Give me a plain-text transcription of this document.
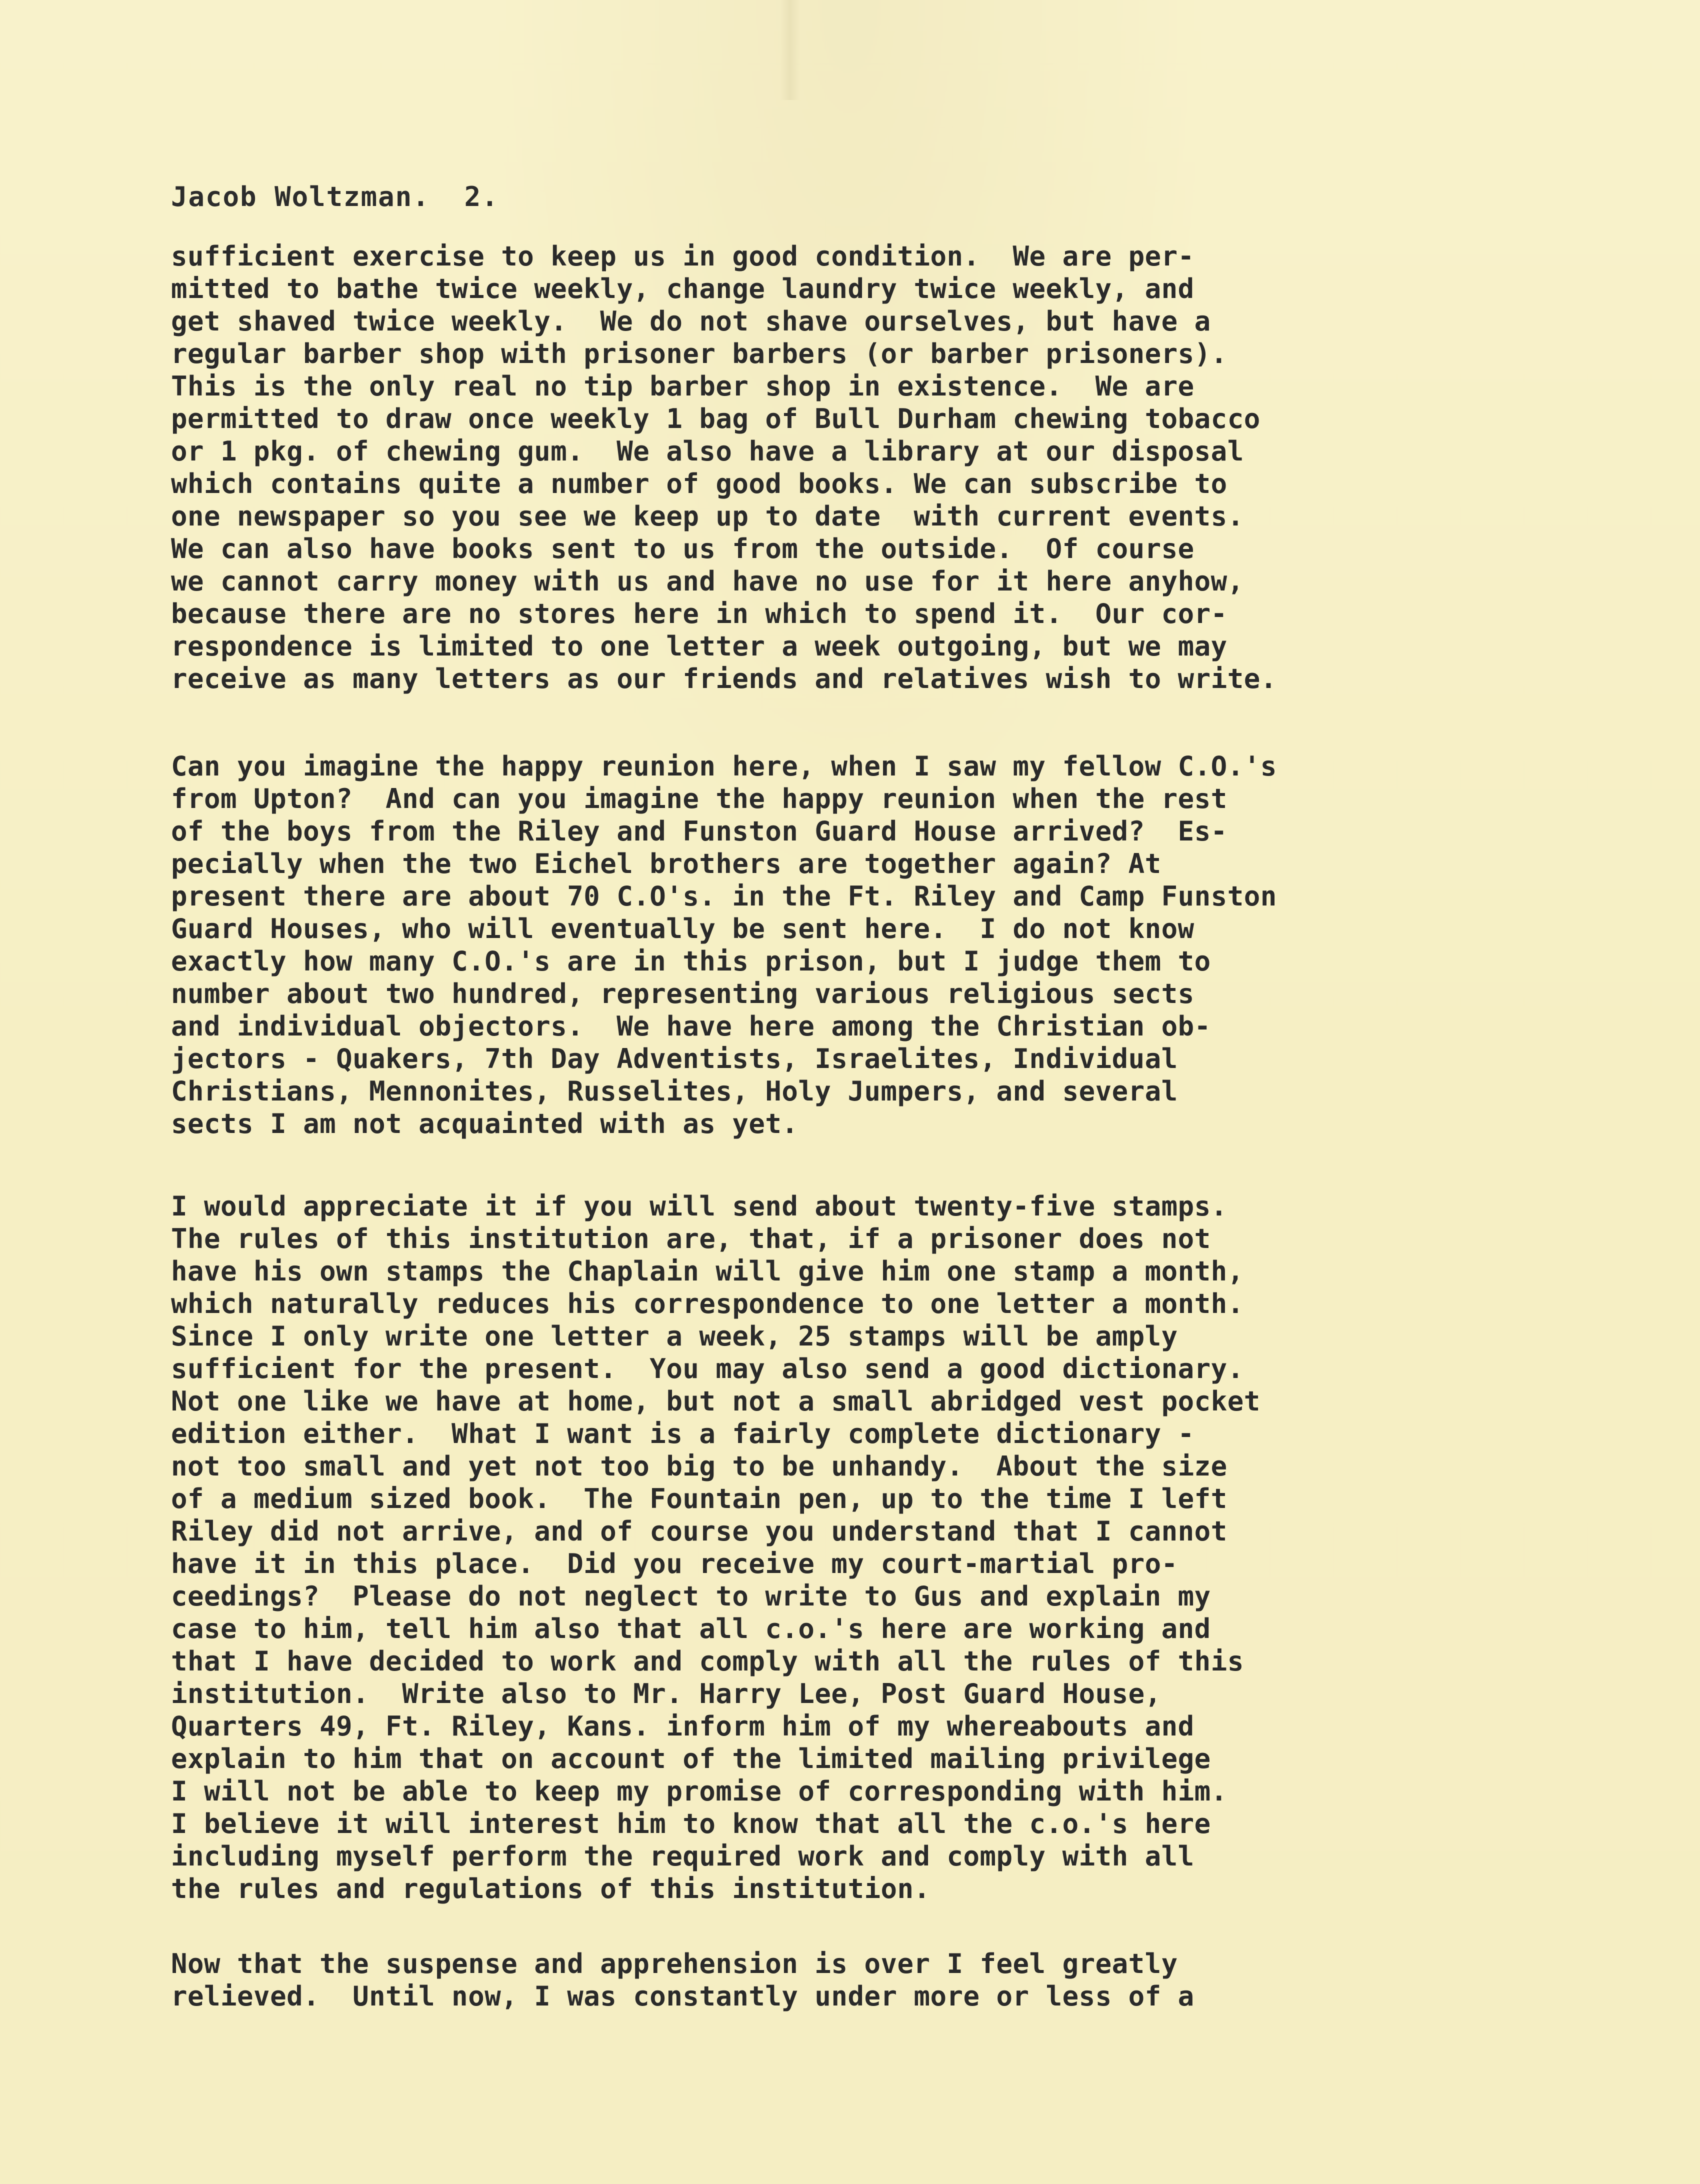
Jacob Woltzman.  2.

sufficient exercise to keep us in good condition.  We are per-
mitted to bathe twice weekly, change laundry twice weekly, and
get shaved twice weekly.  We do not shave ourselves, but have a
regular barber shop with prisoner barbers (or barber prisoners).
This is the only real no tip barber shop in existence.  We are
permitted to draw once weekly 1 bag of Bull Durham chewing tobacco
or 1 pkg. of chewing gum.  We also have a library at our disposal
which contains quite a number of good books. We can subscribe to
one newspaper so you see we keep up to date  with current events.
We can also have books sent to us from the outside.  Of course
we cannot carry money with us and have no use for it here anyhow,
because there are no stores here in which to spend it.  Our cor-
respondence is limited to one letter a week outgoing, but we may
receive as many letters as our friends and relatives wish to write.
Can you imagine the happy reunion here, when I saw my fellow C.O.'s
from Upton?  And can you imagine the happy reunion when the rest
of the boys from the Riley and Funston Guard House arrived?  Es-
pecially when the two Eichel brothers are together again? At
present there are about 70 C.O's. in the Ft. Riley and Camp Funston
Guard Houses, who will eventually be sent here.  I do not know
exactly how many C.O.'s are in this prison, but I judge them to
number about two hundred, representing various religious sects
and individual objectors.  We have here among the Christian ob-
jectors - Quakers, 7th Day Adventists, Israelites, Individual
Christians, Mennonites, Russelites, Holy Jumpers, and several
sects I am not acquainted with as yet.
I would appreciate it if you will send about twenty-five stamps.
The rules of this institution are, that, if a prisoner does not
have his own stamps the Chaplain will give him one stamp a month,
which naturally reduces his correspondence to one letter a month.
Since I only write one letter a week, 25 stamps will be amply
sufficient for the present.  You may also send a good dictionary.
Not one like we have at home, but not a small abridged vest pocket
edition either.  What I want is a fairly complete dictionary -
not too small and yet not too big to be unhandy.  About the size
of a medium sized book.  The Fountain pen, up to the time I left
Riley did not arrive, and of course you understand that I cannot
have it in this place.  Did you receive my court-martial pro-
ceedings?  Please do not neglect to write to Gus and explain my
case to him, tell him also that all c.o.'s here are working and
that I have decided to work and comply with all the rules of this
institution.  Write also to Mr. Harry Lee, Post Guard House,
Quarters 49, Ft. Riley, Kans. inform him of my whereabouts and
explain to him that on account of the limited mailing privilege
I will not be able to keep my promise of corresponding with him.
I believe it will interest him to know that all the c.o.'s here
including myself perform the required work and comply with all
the rules and regulations of this institution.
Now that the suspense and apprehension is over I feel greatly
relieved.  Until now, I was constantly under more or less of a
